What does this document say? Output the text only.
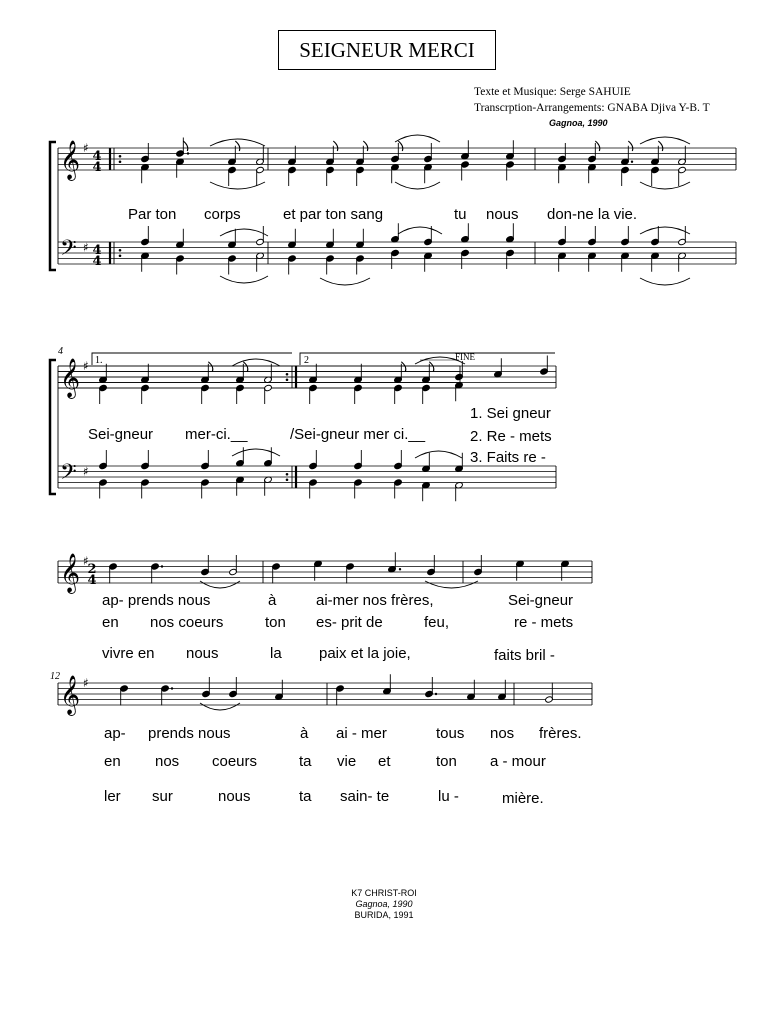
SEIGNEUR MERCI
Texte et Musique: Serge SAHUIE
Transcrption-Arrangements: GNABA Djiva Y-B. T
Gagnoa, 1990
𝄞
𝄢
♯
♯
4
4
4
4
𝄞
𝄢
♯
♯
𝄞 ♯
2
4
𝄞 ♯
4
12
1.	2	FINE
Par ton corps	et par ton sang	tu nous don-ne la vie.
Sei-gneur mer-ci.__	/Sei-gneur mer ci.__
1. Sei gneur
2. Re - mets
3. Faits re -
ap- prends nous	à	ai-mer nos frères,	Sei-gneur
en nos coeurs	ton es- prit de	feu,	re - mets
vivre en nous	la paix et la joie,	faits bril -
ap- prends nous	à ai - mer	tous nos frères.
en nos coeurs	ta vie et	ton a - mour
ler sur	nous	ta sain- te	lu -	mière.
K7 CHRIST-ROI
Gagnoa, 1990
BURIDA, 1991
